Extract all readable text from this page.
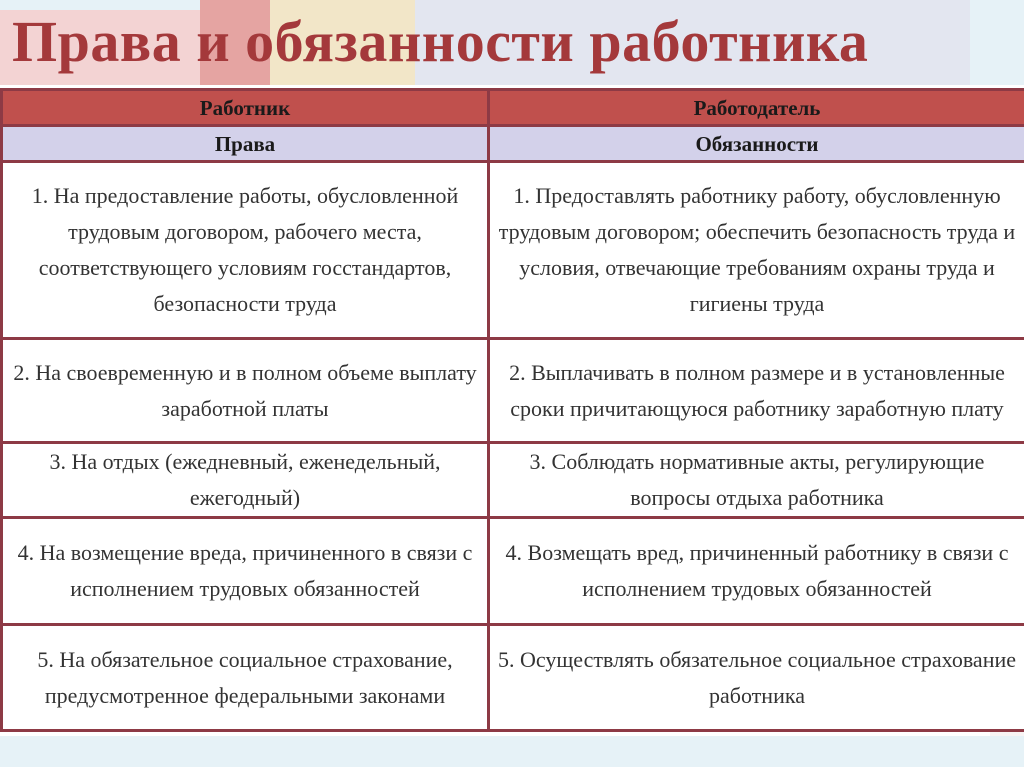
Права и обязанности работника
Работник	Работодатель
Права	Обязанности
1. На предоставление работы, обусловленной трудовым договором, рабочего места, соответствующего условиям госстандартов, безопасности труда	1. Предоставлять работнику работу, обусловленную трудовым договором; обеспечить безопасность труда и условия, отвечающие требованиям охраны труда и гигиены труда
2. На своевременную и в полном объеме выплату заработной платы	2. Выплачивать в полном размере и в установленные сроки причитающуюся работнику заработную плату
3. На отдых (ежедневный, еженедельный, ежегодный)	3. Соблюдать нормативные акты, регулирующие вопросы отдыха работника
4. На возмещение вреда, причиненного в связи с исполнением трудовых обязанностей	4. Возмещать вред, причиненный работнику в связи с исполнением трудовых обязанностей
5. На обязательное социальное страхование, предусмотренное федеральными законами	5. Осуществлять обязательное социальное страхование работника
